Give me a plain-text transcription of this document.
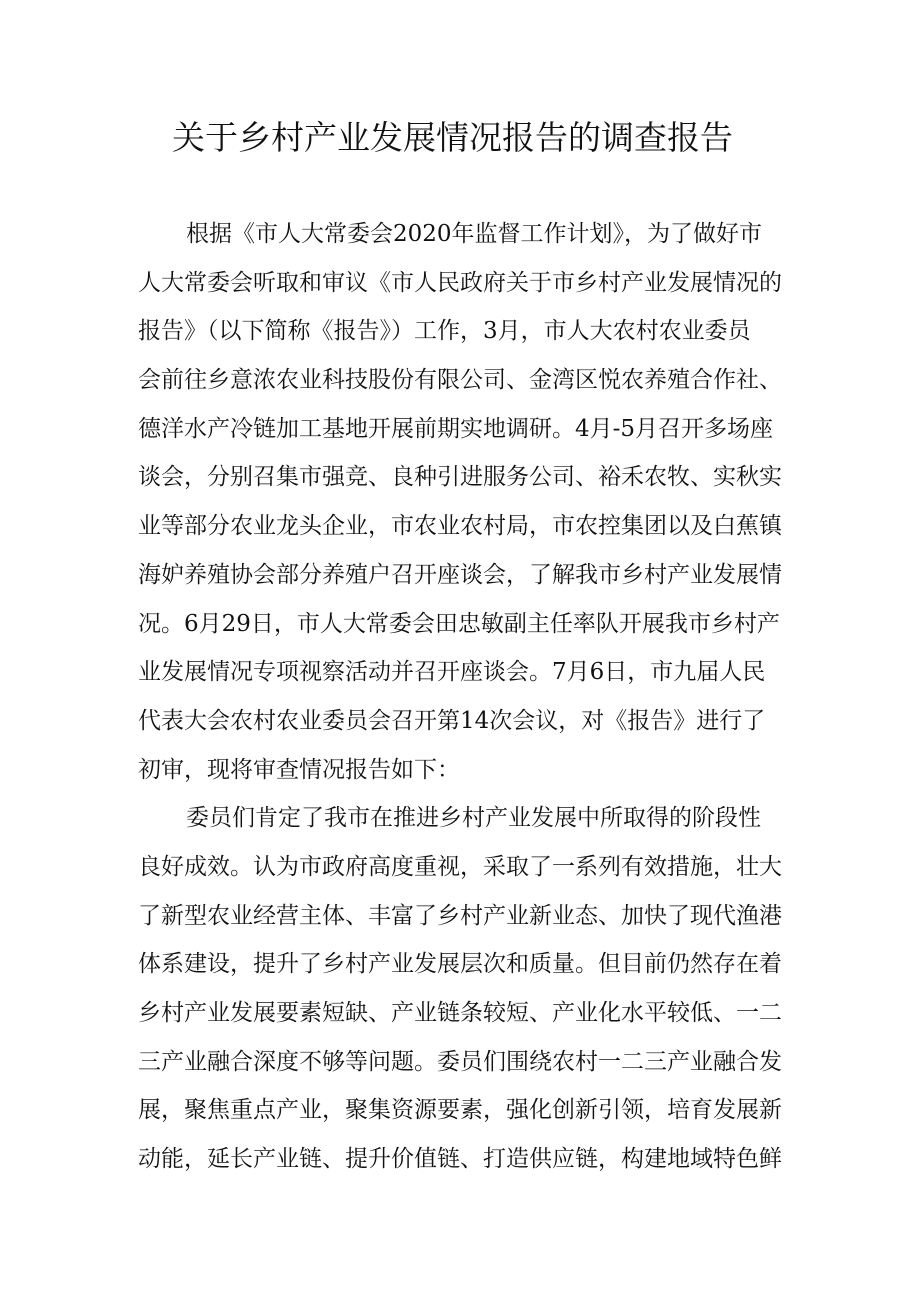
关于乡村产业发展情况报告的调查报告

根据《市人大常委会2020年监督工作计划》，为了做好市
人大常委会听取和审议《市人民政府关于市乡村产业发展情况的
报告》（以下简称《报告》）工作，3月，市人大农村农业委员
会前往乡意浓农业科技股份有限公司、金湾区悦农养殖合作社、
德洋水产冷链加工基地开展前期实地调研。4月-5月召开多场座
谈会，分别召集市强竞、良种引进服务公司、裕禾农牧、实秋实
业等部分农业龙头企业，市农业农村局，市农控集团以及白蕉镇
海妒养殖协会部分养殖户召开座谈会，了解我市乡村产业发展情
况。6月29日，市人大常委会田忠敏副主任率队开展我市乡村产
业发展情况专项视察活动并召开座谈会。7月6日，市九届人民
代表大会农村农业委员会召开第14次会议，对《报告》进行了
初审，现将审查情况报告如下：

委员们肯定了我市在推进乡村产业发展中所取得的阶段性
良好成效。认为市政府高度重视，采取了一系列有效措施，壮大
了新型农业经营主体、丰富了乡村产业新业态、加快了现代渔港
体系建设，提升了乡村产业发展层次和质量。但目前仍然存在着
乡村产业发展要素短缺、产业链条较短、产业化水平较低、一二
三产业融合深度不够等问题。委员们围绕农村一二三产业融合发
展，聚焦重点产业，聚集资源要素，强化创新引领，培育发展新
动能，延长产业链、提升价值链、打造供应链，构建地域特色鲜
